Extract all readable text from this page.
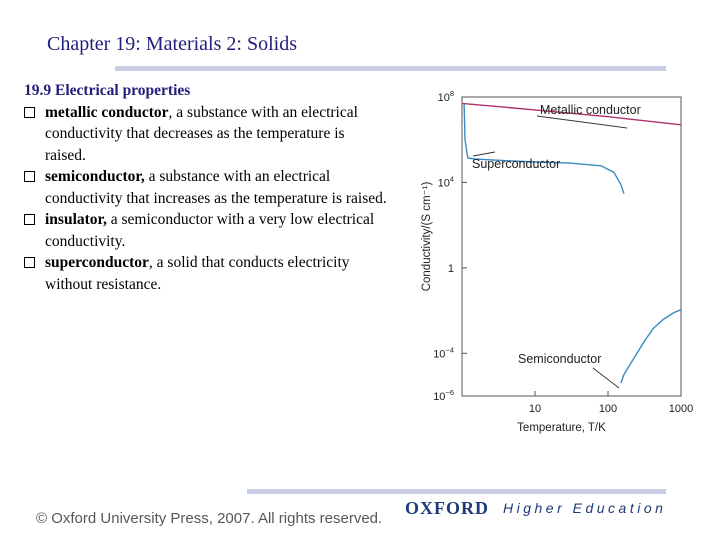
Chapter 19: Materials 2: Solids
19.9 Electrical properties
metallic conductor, a substance with an electrical conductivity that decreases as the temperature is raised.
semiconductor, a substance with an electrical conductivity that increases as the temperature is raised.
insulator, a semiconductor with a very low electrical conductivity.
superconductor, a solid that conducts electricity without resistance.
$10^8$
$10^4$
1
$10^{-4}$
$10^{-6}$
10	100	1000
Temperature, T/K
Conductivity/(S cm⁻¹)
Metallic conductor
Superconductor
Semiconductor
© Oxford University Press, 2007. All rights reserved.
OXFORD Higher Education
